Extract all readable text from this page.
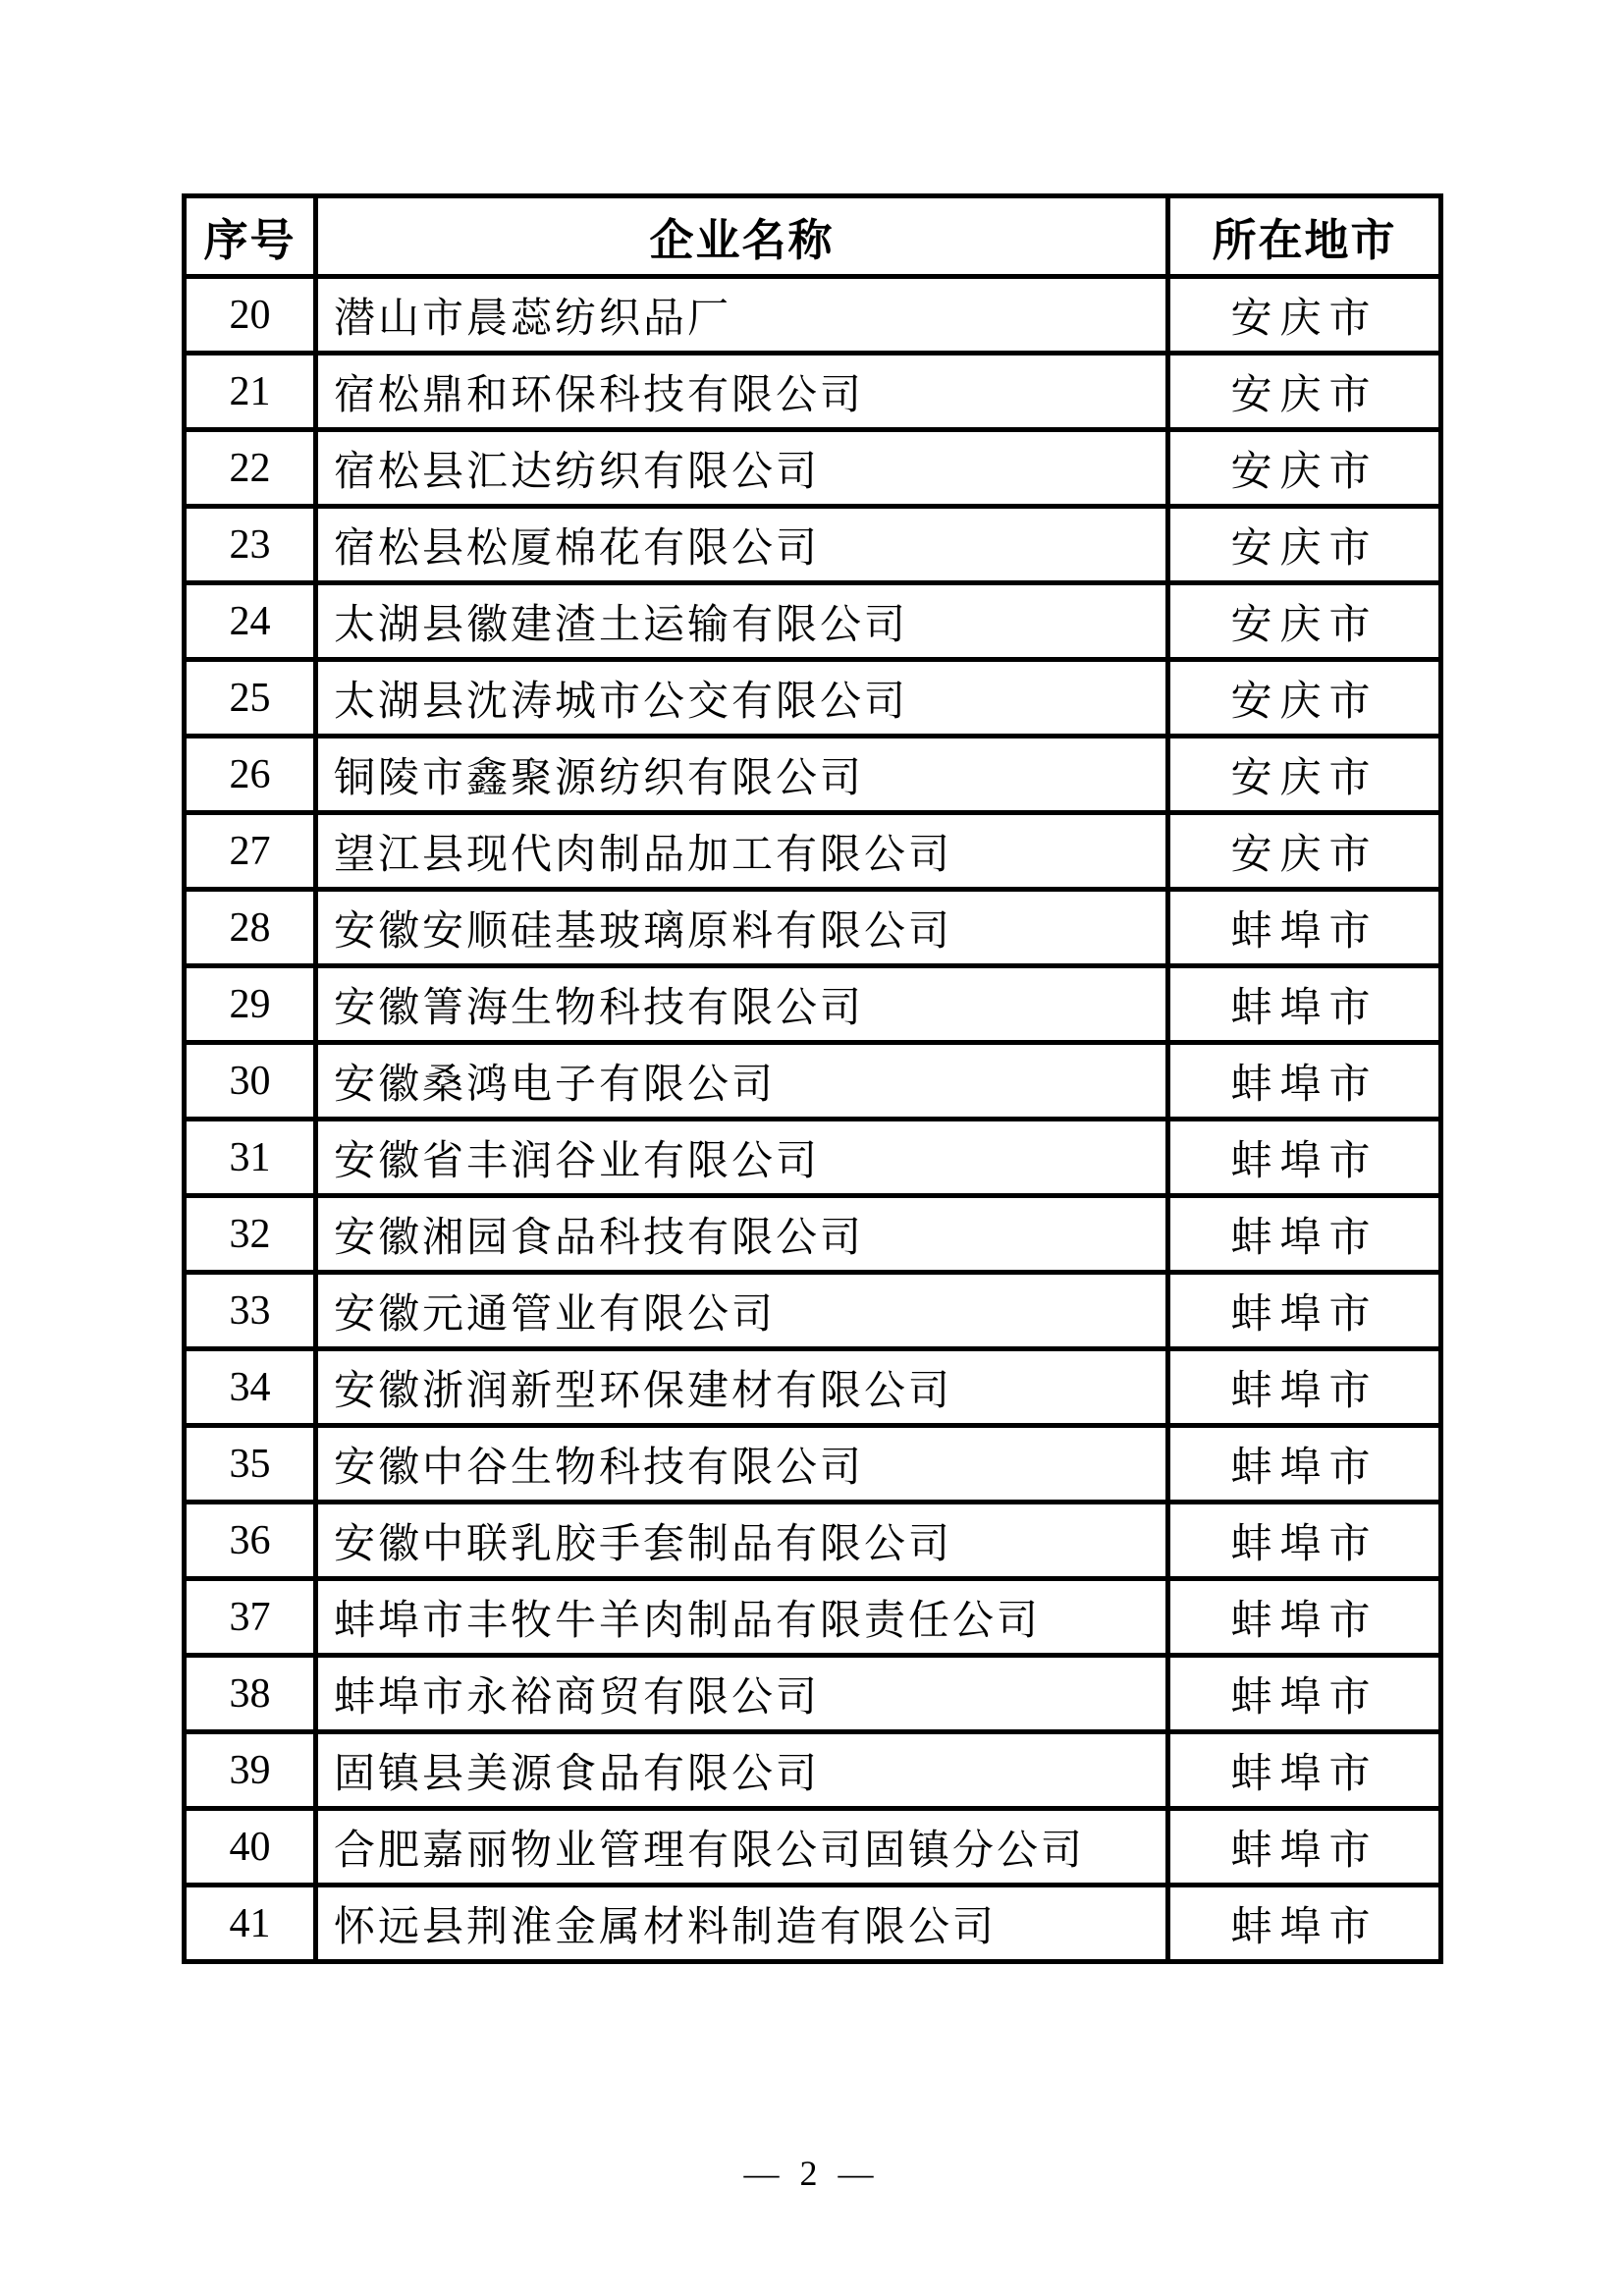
序号	企业名称	所在地市
20	潜山市晨蕊纺织品厂	安庆市
21	宿松鼎和环保科技有限公司	安庆市
22	宿松县汇达纺织有限公司	安庆市
23	宿松县松厦棉花有限公司	安庆市
24	太湖县徽建渣土运输有限公司	安庆市
25	太湖县沈涛城市公交有限公司	安庆市
26	铜陵市鑫聚源纺织有限公司	安庆市
27	望江县现代肉制品加工有限公司	安庆市
28	安徽安顺硅基玻璃原料有限公司	蚌埠市
29	安徽箐海生物科技有限公司	蚌埠市
30	安徽桑鸿电子有限公司	蚌埠市
31	安徽省丰润谷业有限公司	蚌埠市
32	安徽湘园食品科技有限公司	蚌埠市
33	安徽元通管业有限公司	蚌埠市
34	安徽浙润新型环保建材有限公司	蚌埠市
35	安徽中谷生物科技有限公司	蚌埠市
36	安徽中联乳胶手套制品有限公司	蚌埠市
37	蚌埠市丰牧牛羊肉制品有限责任公司	蚌埠市
38	蚌埠市永裕商贸有限公司	蚌埠市
39	固镇县美源食品有限公司	蚌埠市
40	合肥嘉丽物业管理有限公司固镇分公司	蚌埠市
41	怀远县荆淮金属材料制造有限公司	蚌埠市
— 2 —
